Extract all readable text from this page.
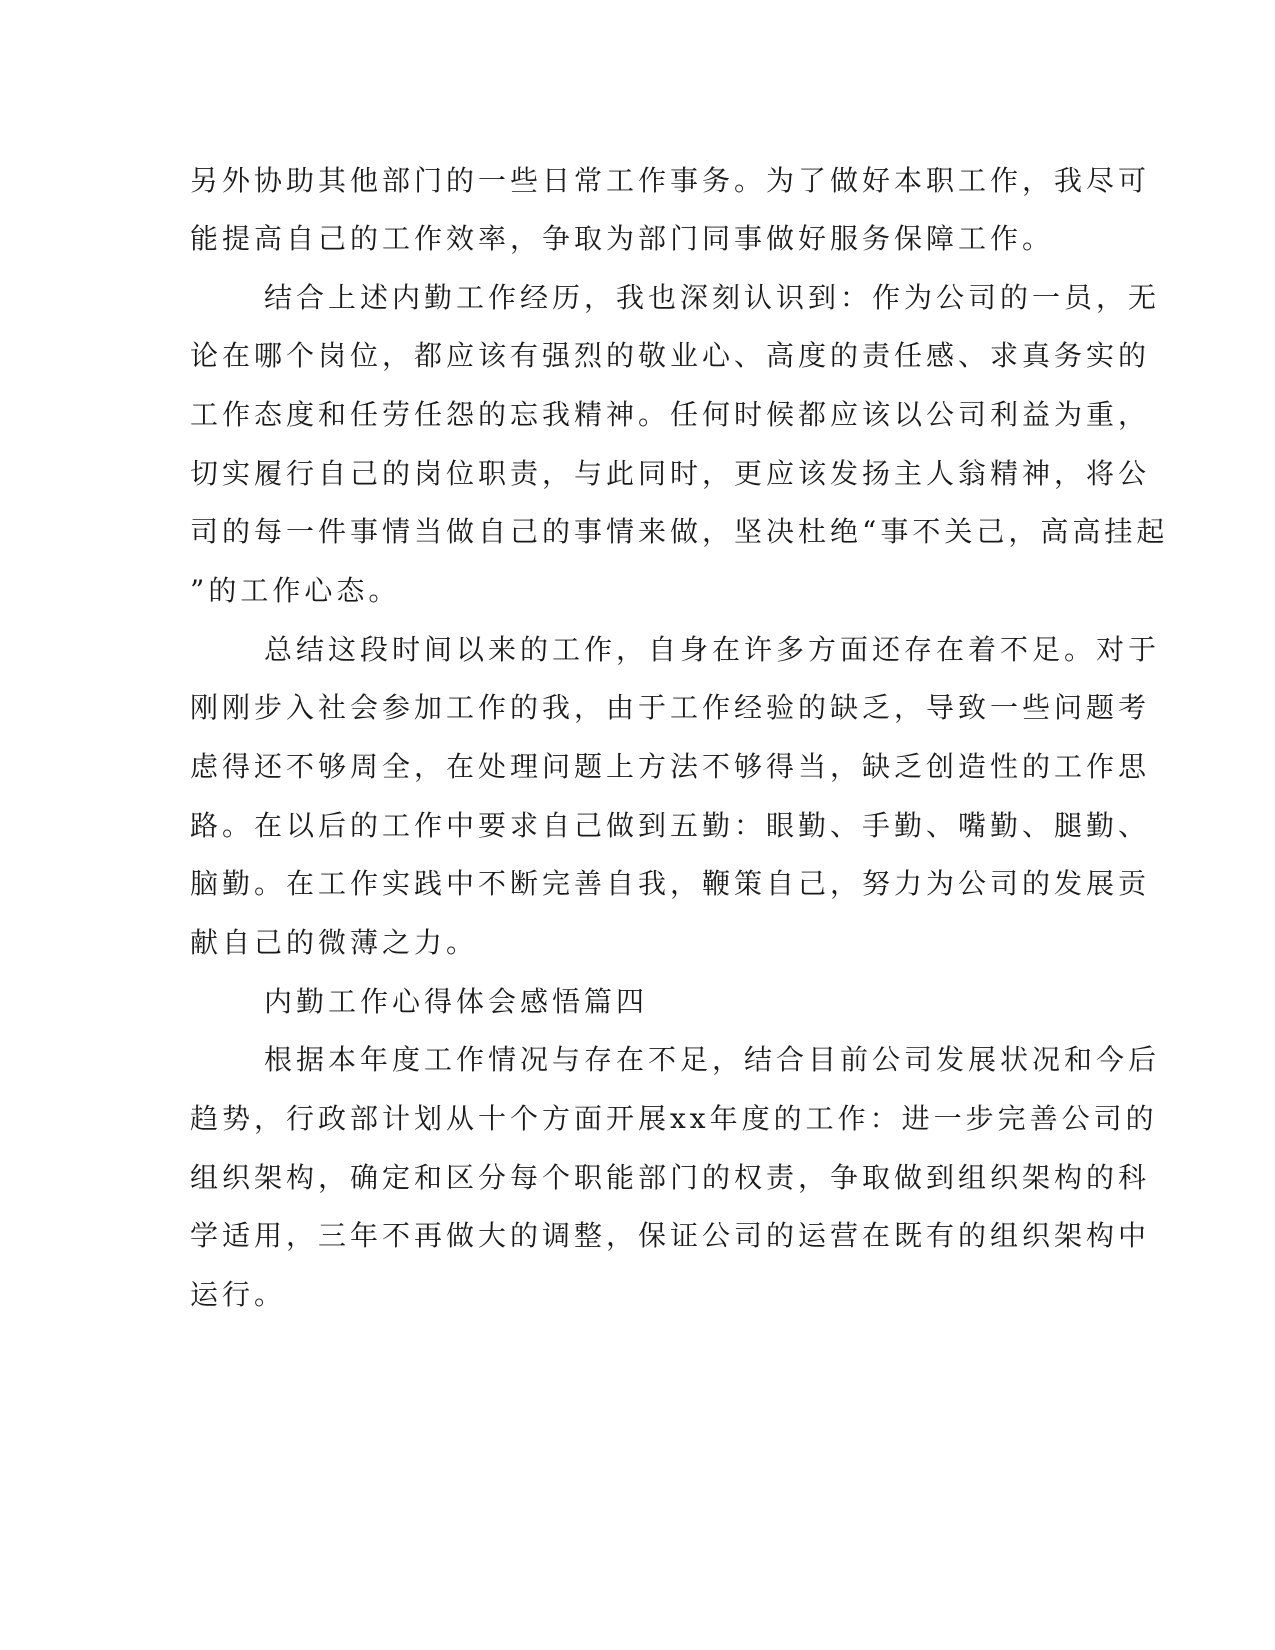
另外协助其他部门的一些日常工作事务。为了做好本职工作，我尽可

能提高自己的工作效率，争取为部门同事做好服务保障工作。

结合上述内勤工作经历，我也深刻认识到：作为公司的一员，无

论在哪个岗位，都应该有强烈的敬业心、高度的责任感、求真务实的

工作态度和任劳任怨的忘我精神。任何时候都应该以公司利益为重，

切实履行自己的岗位职责，与此同时，更应该发扬主人翁精神，将公

司的每一件事情当做自己的事情来做，坚决杜绝“事不关己，高高挂起

”的工作心态。

总结这段时间以来的工作，自身在许多方面还存在着不足。对于

刚刚步入社会参加工作的我，由于工作经验的缺乏，导致一些问题考

虑得还不够周全，在处理问题上方法不够得当，缺乏创造性的工作思

路。在以后的工作中要求自己做到五勤：眼勤、手勤、嘴勤、腿勤、

脑勤。在工作实践中不断完善自我，鞭策自己，努力为公司的发展贡

献自己的微薄之力。

内勤工作心得体会感悟篇四

根据本年度工作情况与存在不足，结合目前公司发展状况和今后

趋势，行政部计划从十个方面开展xx年度的工作：进一步完善公司的

组织架构，确定和区分每个职能部门的权责，争取做到组织架构的科

学适用，三年不再做大的调整，保证公司的运营在既有的组织架构中

运行。
